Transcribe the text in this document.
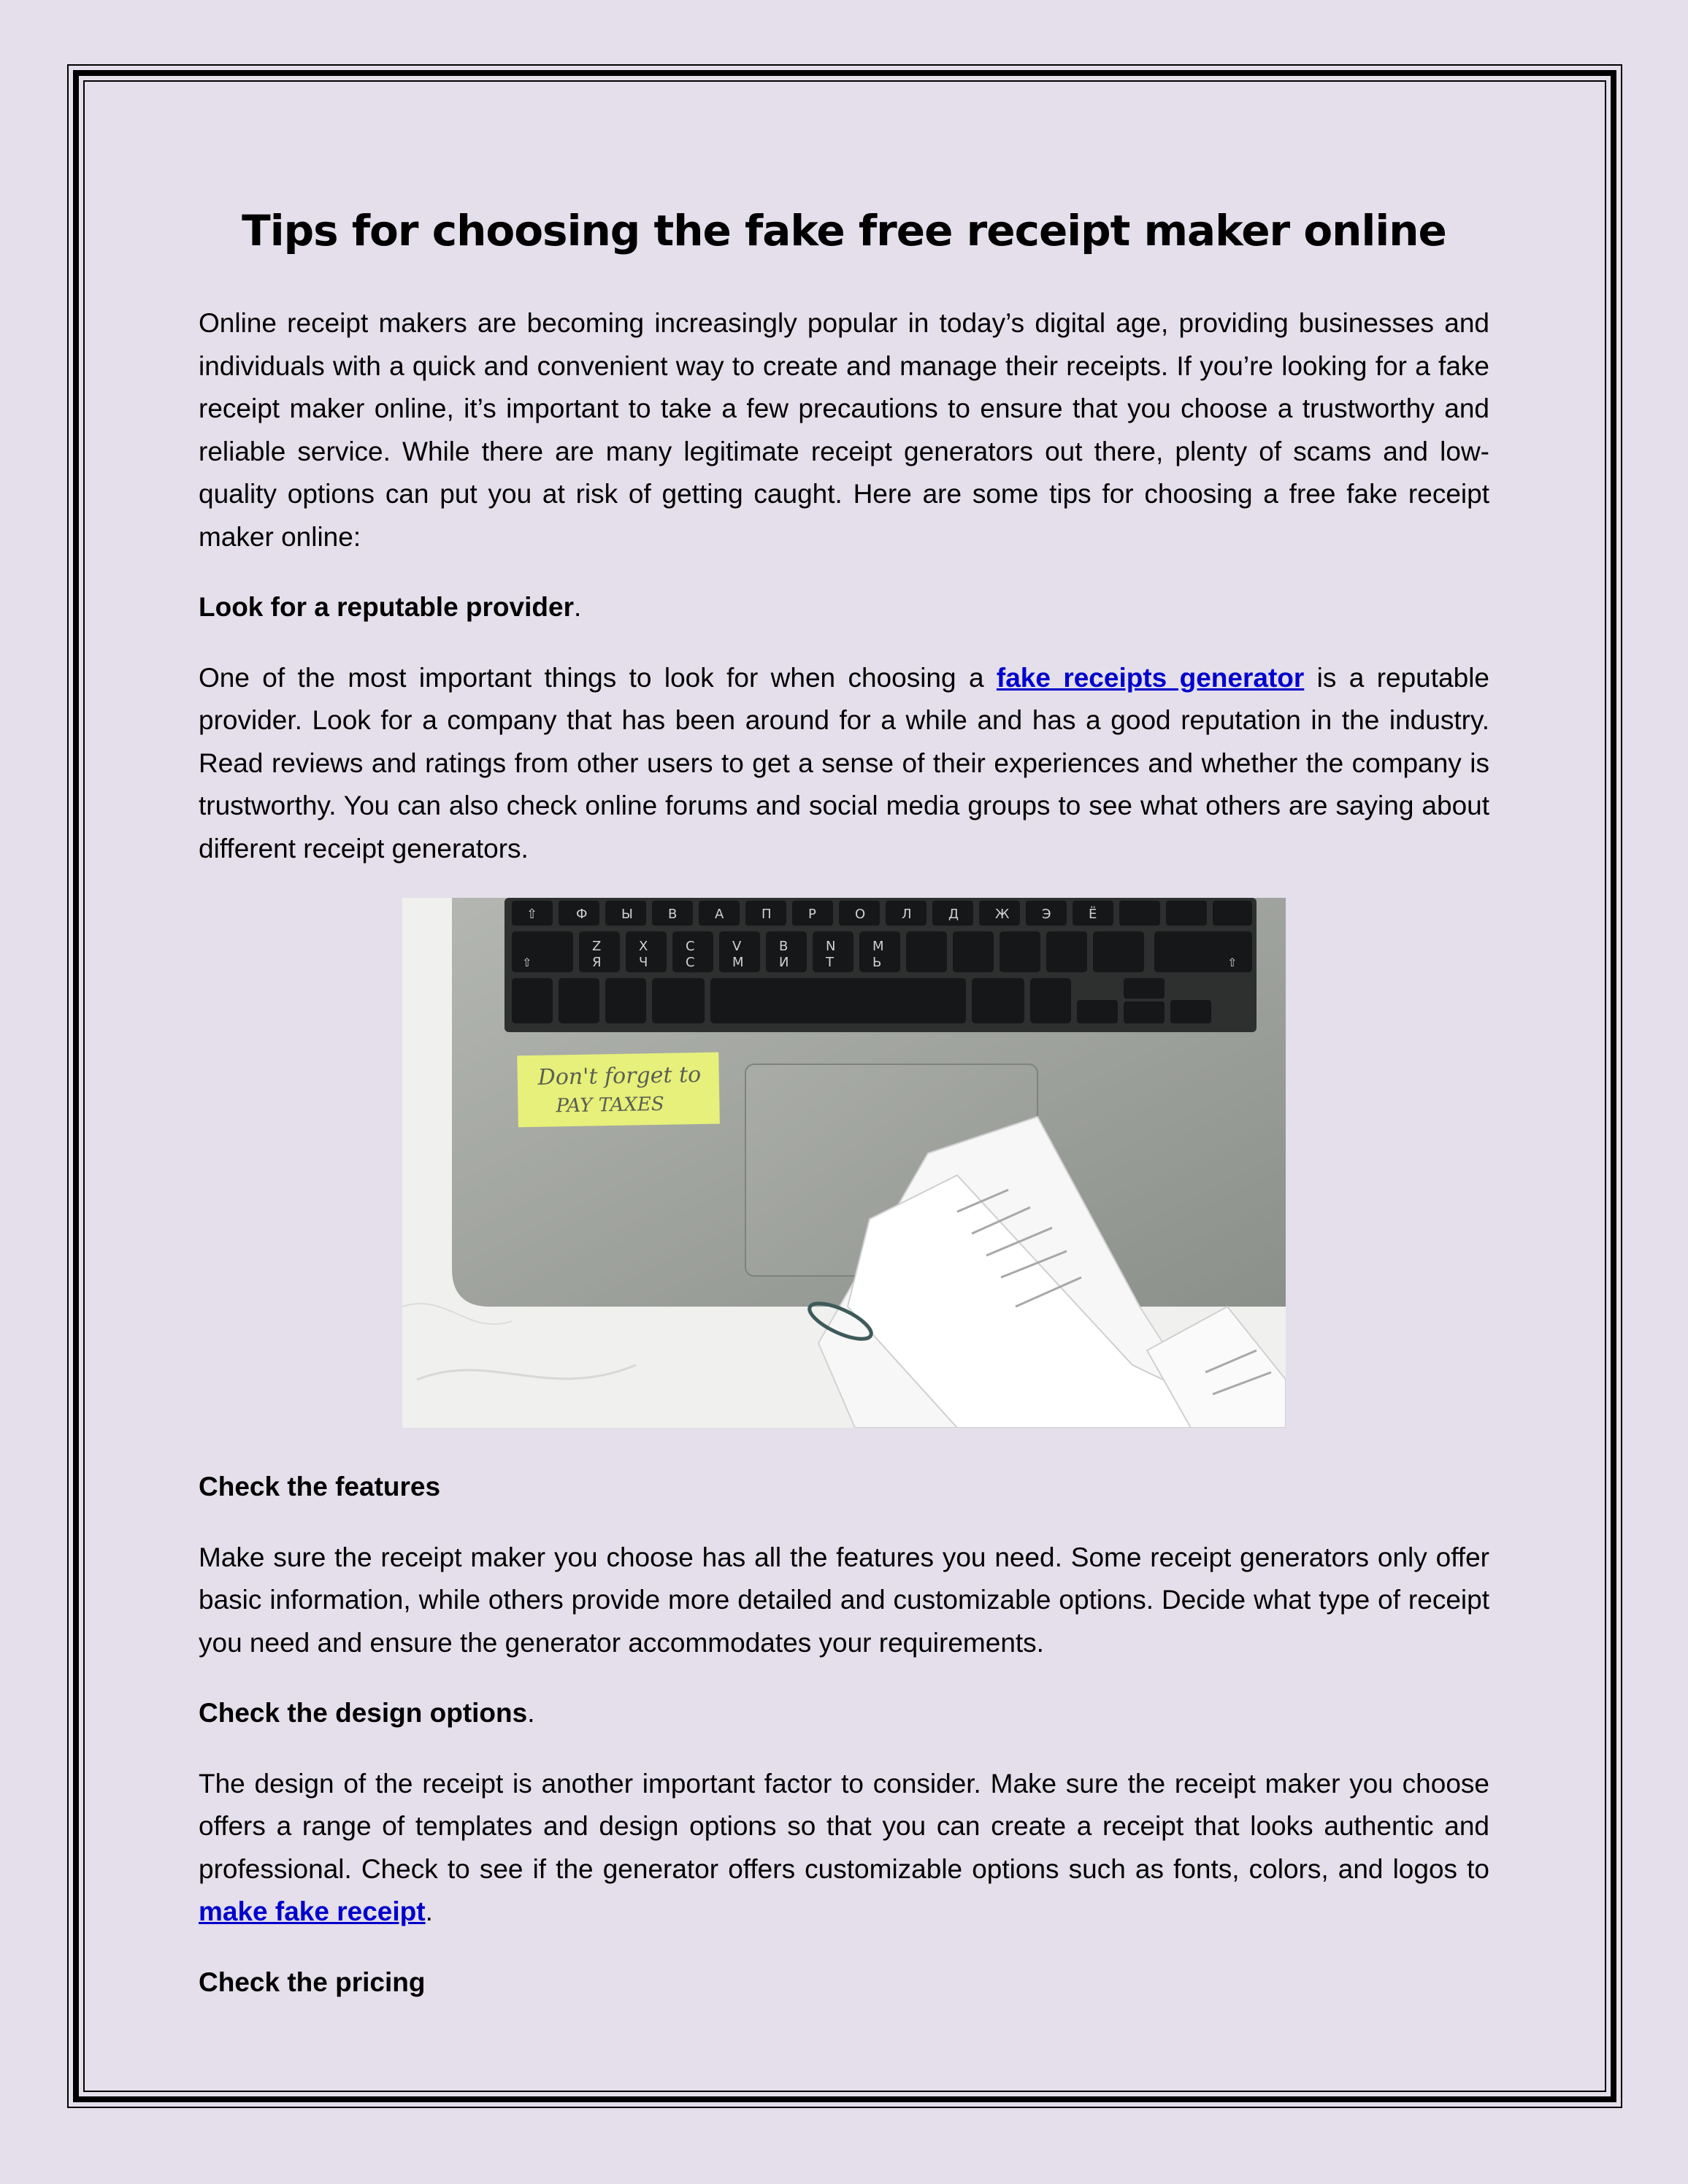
Tips for choosing the fake free receipt maker online

Online receipt makers are becoming increasingly popular in today’s digital age, providing businesses and individuals with a quick and convenient way to create and manage their receipts. If you’re looking for a fake receipt maker online, it’s important to take a few precautions to ensure that you choose a trustworthy and reliable service. While there are many legitimate receipt generators out there, plenty of scams and low-quality options can put you at risk of getting caught. Here are some tips for choosing a free fake receipt maker online:

Look for a reputable provider.

One of the most important things to look for when choosing a fake receipts generator is a reputable provider. Look for a company that has been around for a while and has a good reputation in the industry. Read reviews and ratings from other users to get a sense of their experiences and whether the company is trustworthy. You can also check online forums and social media groups to see what others are saying about different receipt generators.

⇧	Ф	Ы	В	А	П	Р	О	Л	Д	Ж Э	Ё
Z	X	C	V	B	N	M
Я	Ч	С	М	И	Т	Ь
⇧	⇧
Don't forget to
PAY TAXES

Check the features

Make sure the receipt maker you choose has all the features you need. Some receipt generators only offer basic information, while others provide more detailed and customizable options. Decide what type of receipt you need and ensure the generator accommodates your requirements.

Check the design options.

The design of the receipt is another important factor to consider. Make sure the receipt maker you choose offers a range of templates and design options so that you can create a receipt that looks authentic and professional. Check to see if the generator offers customizable options such as fonts, colors, and logos to make fake receipt.

Check the pricing
